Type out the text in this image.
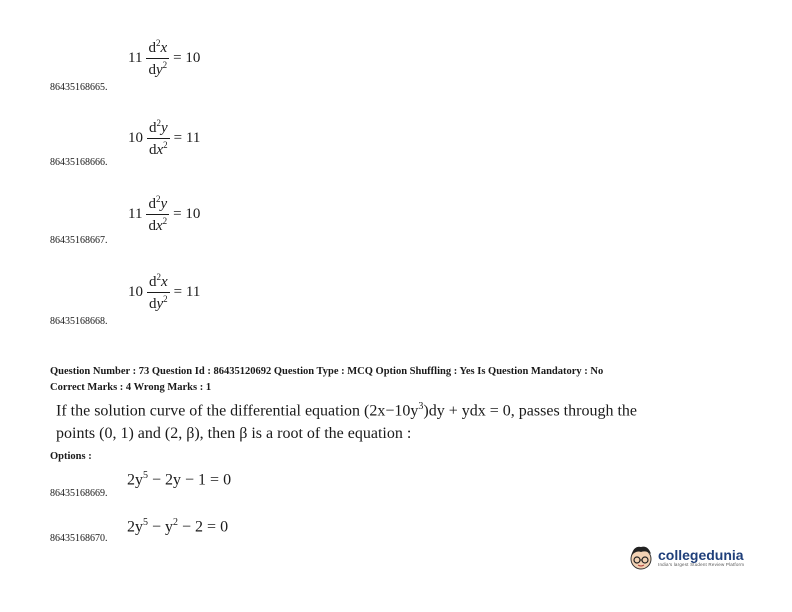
86435168665.
$11 \frac{d^2x}{dy^2} = 10$
86435168666.
$10 \frac{d^2y}{dx^2} = 11$
86435168667.
$11 \frac{d^2y}{dx^2} = 10$
86435168668.
$10 \frac{d^2x}{dy^2} = 11$
Question Number : 73 Question Id : 86435120692 Question Type : MCQ Option Shuffling : Yes Is Question Mandatory : No
Correct Marks : 4 Wrong Marks : 1
If the solution curve of the differential equation $(2x-10y^3)dy$ + ydx = 0, passes through the
points (0, 1) and (2, β), then β is a root of the equation :
Options :
86435168669.
$2y^5 - 2y - 1 = 0$
86435168670.
$2y^5 - y^2 - 2 = 0$
collegedunia
India's largest Student Review Platform
